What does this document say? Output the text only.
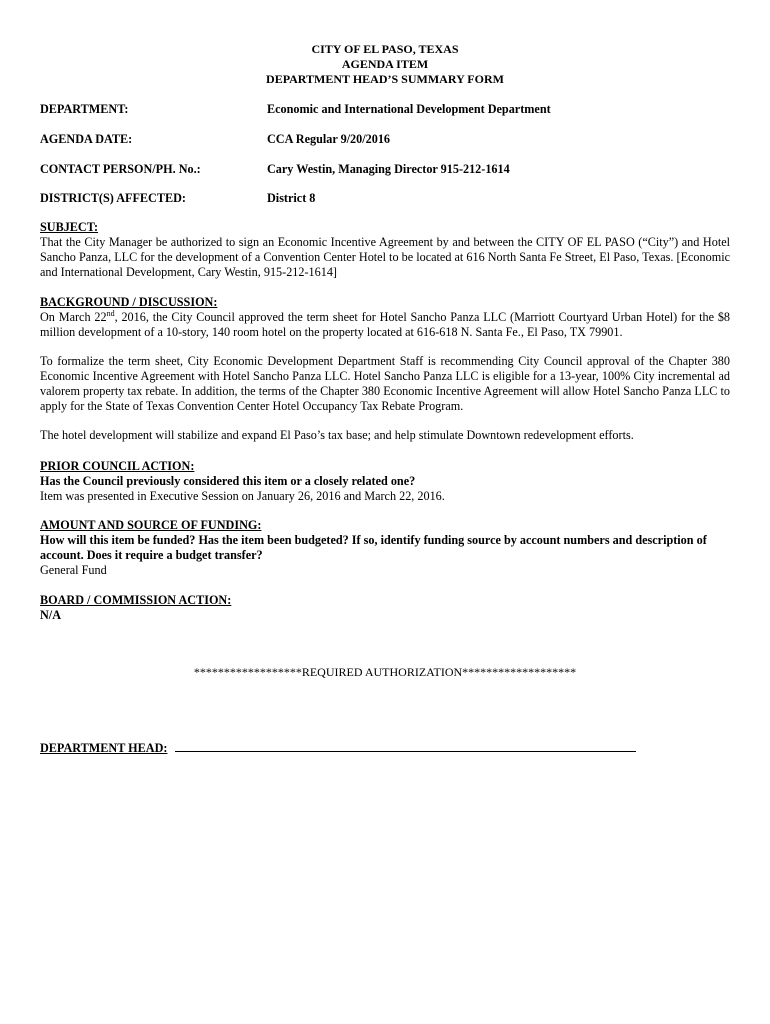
CITY OF EL PASO, TEXAS
AGENDA ITEM
DEPARTMENT HEAD’S SUMMARY FORM
DEPARTMENT:	Economic and International Development Department
AGENDA DATE:	CCA Regular 9/20/2016
CONTACT PERSON/PH. No.:	Cary Westin, Managing Director 915-212-1614
DISTRICT(S) AFFECTED:	District 8
SUBJECT:

That the City Manager be authorized to sign an Economic Incentive Agreement by and between the CITY OF EL PASO (“City”) and Hotel Sancho Panza, LLC for the development of a Convention Center Hotel to be located at 616 North Santa Fe Street, El Paso, Texas. [Economic and International Development, Cary Westin, 915-212-1614]

BACKGROUND / DISCUSSION:

On March 22nd, 2016, the City Council approved the term sheet for Hotel Sancho Panza LLC (Marriott Courtyard Urban Hotel) for the $8 million development of a 10-story, 140 room hotel on the property located at 616-618 N. Santa Fe., El Paso, TX 79901.

To formalize the term sheet, City Economic Development Department Staff is recommending City Council approval of the Chapter 380 Economic Incentive Agreement with Hotel Sancho Panza LLC. Hotel Sancho Panza LLC is eligible for a 13-year, 100% City incremental ad valorem property tax rebate. In addition, the terms of the Chapter 380 Economic Incentive Agreement will allow Hotel Sancho Panza LLC to apply for the State of Texas Convention Center Hotel Occupancy Tax Rebate Program.

The hotel development will stabilize and expand El Paso’s tax base; and help stimulate Downtown redevelopment efforts.

PRIOR COUNCIL ACTION:
Has the Council previously considered this item or a closely related one?

Item was presented in Executive Session on January 26, 2016 and March 22, 2016.

AMOUNT AND SOURCE OF FUNDING:
How will this item be funded? Has the item been budgeted? If so, identify funding source by account numbers and description of account. Does it require a budget transfer?

General Fund

BOARD / COMMISSION ACTION:
N/A
******************REQUIRED AUTHORIZATION*******************
DEPARTMENT HEAD:
